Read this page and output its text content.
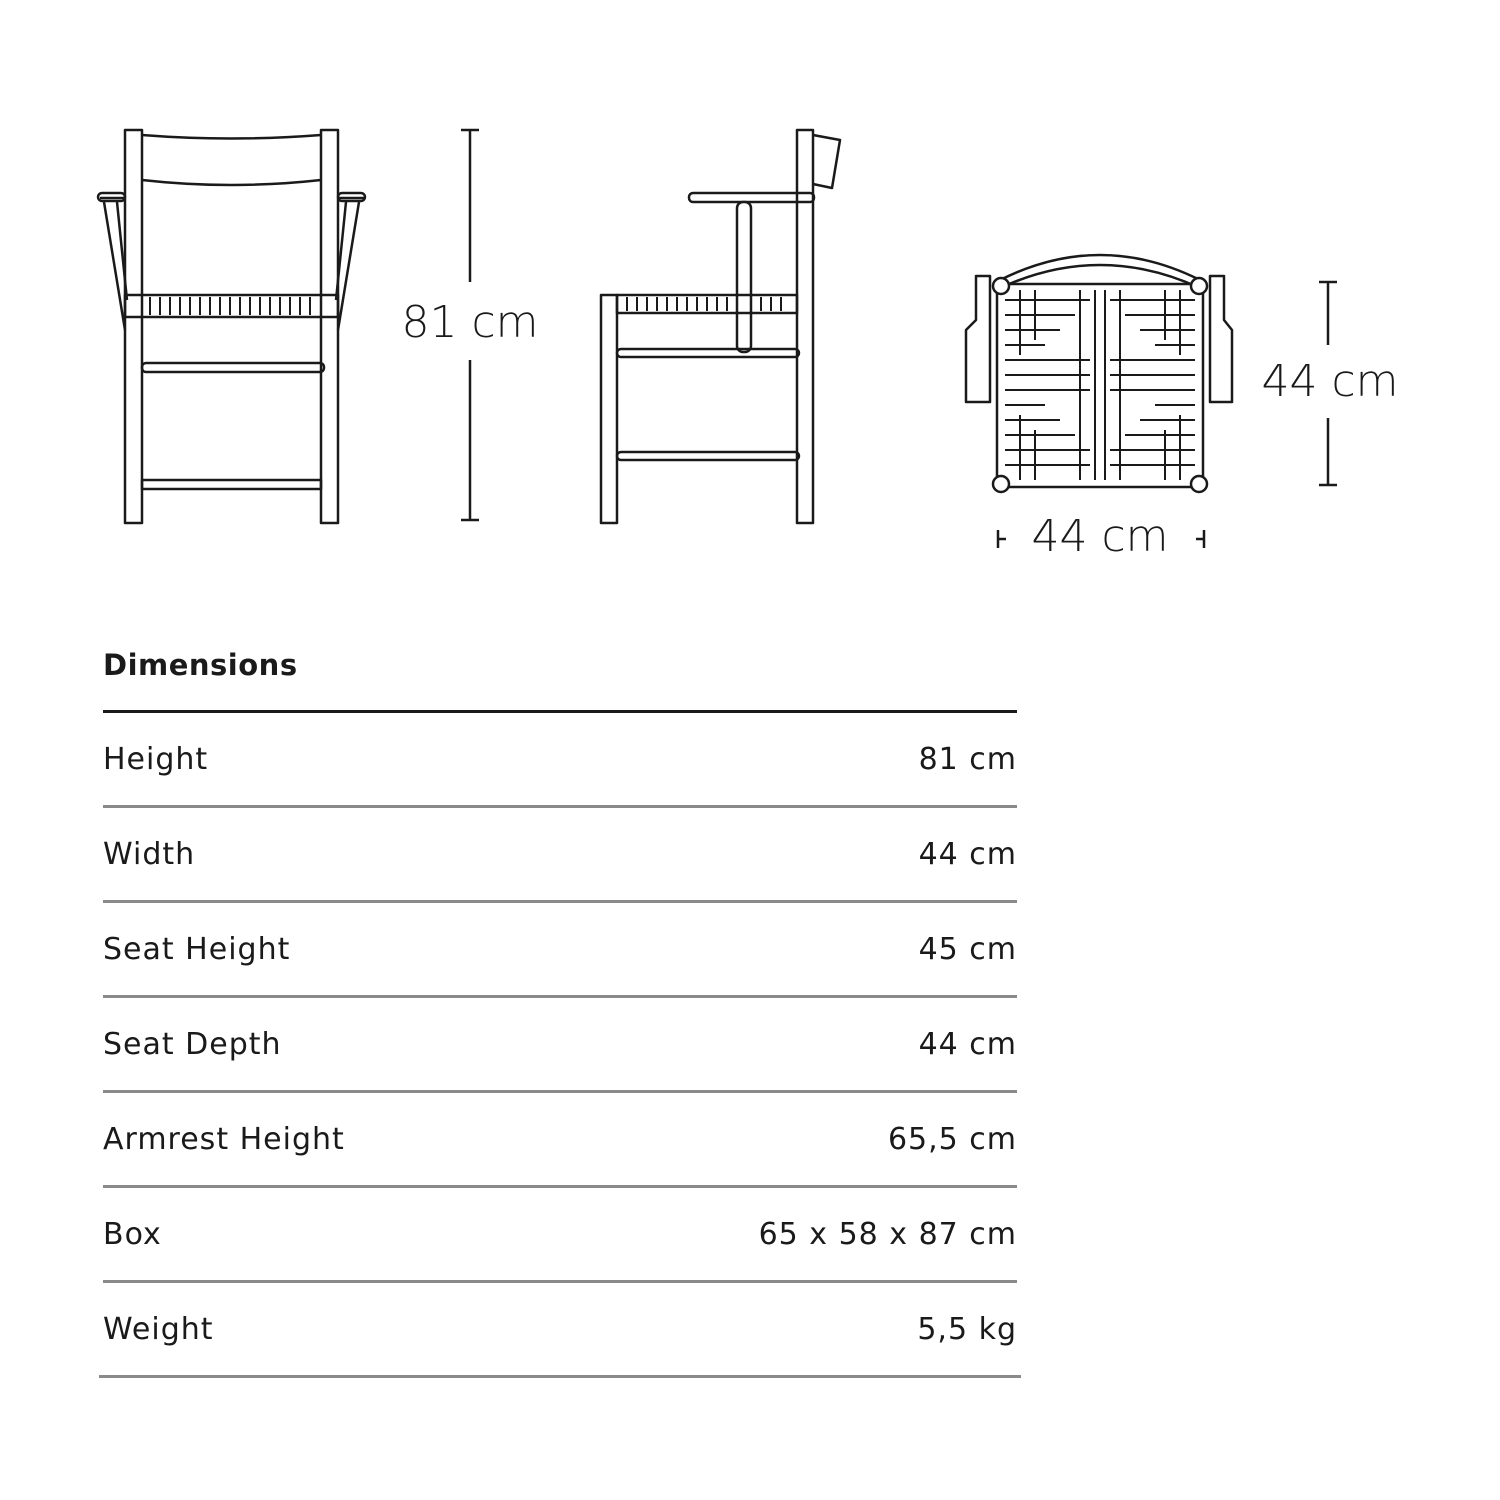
81 cm
44 cm
44 cm
Dimensions
Height	81 cm
Width	44 cm
Seat Height	45 cm
Seat Depth	44 cm
Armrest Height	65,5 cm
Box	65 x 58 x 87 cm
Weight	5,5 kg
